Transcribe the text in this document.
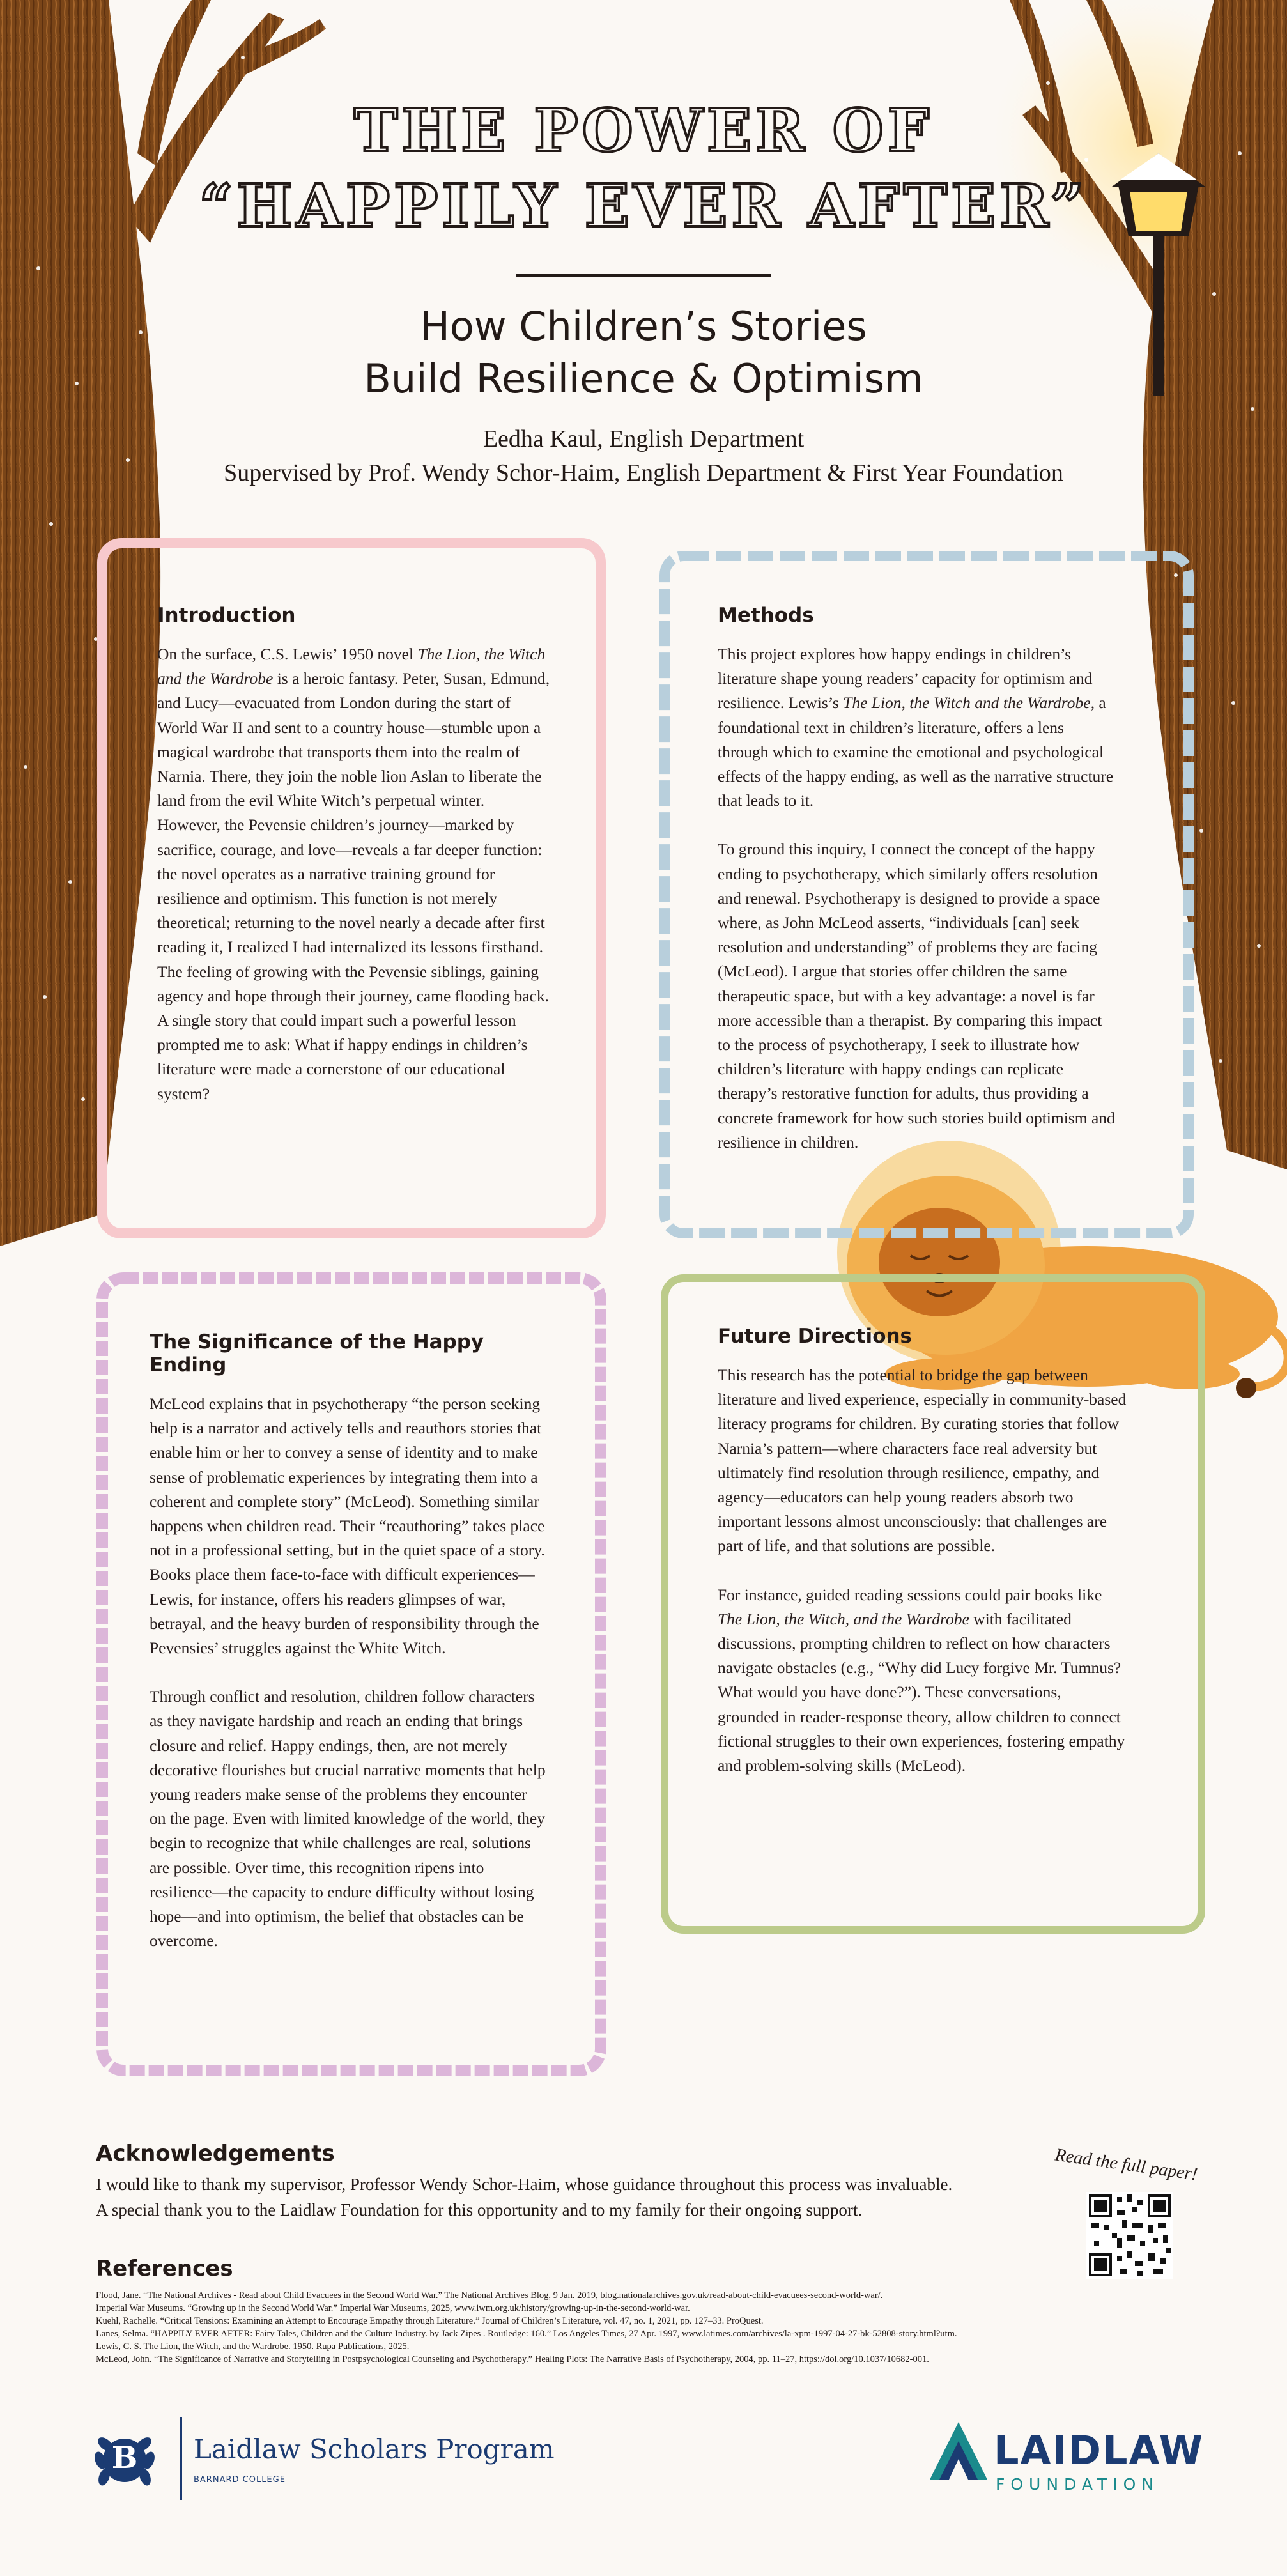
THE POWER OF
“HAPPILY EVER AFTER”
How Children’s Stories
Build Resilience & Optimism
Eedha Kaul, English Department
Supervised by Prof. Wendy Schor-Haim, English Department & First Year Foundation
Introduction

On the surface, C.S. Lewis’ 1950 novel The Lion, the Witch and the Wardrobe is a heroic fantasy. Peter, Susan, Edmund, and Lucy—evacuated from London during the start of World War II and sent to a country house—stumble upon a magical wardrobe that transports them into the realm of Narnia. There, they join the noble lion Aslan to liberate the land from the evil White Witch’s perpetual winter. However, the Pevensie children’s journey—marked by sacrifice, courage, and love—reveals a far deeper function: the novel operates as a narrative training ground for resilience and optimism. This function is not merely theoretical; returning to the novel nearly a decade after first reading it, I realized I had internalized its lessons firsthand. The feeling of growing with the Pevensie siblings, gaining agency and hope through their journey, came flooding back. A single story that could impart such a powerful lesson prompted me to ask: What if happy endings in children’s literature were made a cornerstone of our educational system?

Methods

This project explores how happy endings in children’s literature shape young readers’ capacity for optimism and resilience. Lewis’s The Lion, the Witch and the Wardrobe, a foundational text in children’s literature, offers a lens through which to examine the emotional and psychological effects of the happy ending, as well as the narrative structure that leads to it.

To ground this inquiry, I connect the concept of the happy ending to psychotherapy, which similarly offers resolution and renewal. Psychotherapy is designed to provide a space where, as John McLeod asserts, “individuals [can] seek resolution and understanding” of problems they are facing (McLeod). I argue that stories offer children the same therapeutic space, but with a key advantage: a novel is far more accessible than a therapist. By comparing this impact to the process of psychotherapy, I seek to illustrate how children’s literature with happy endings can replicate therapy’s restorative function for adults, thus providing a concrete framework for how such stories build optimism and resilience in children.

The Significance of the Happy Ending

McLeod explains that in psychotherapy “the person seeking help is a narrator and actively tells and reauthors stories that enable him or her to convey a sense of identity and to make sense of problematic experiences by integrating them into a coherent and complete story” (McLeod). Something similar happens when children read. Their “reauthoring” takes place not in a professional setting, but in the quiet space of a story. Books place them face-to-face with difficult experiences—Lewis, for instance, offers his readers glimpses of war, betrayal, and the heavy burden of responsibility through the Pevensies’ struggles against the White Witch.

Through conflict and resolution, children follow characters as they navigate hardship and reach an ending that brings closure and relief. Happy endings, then, are not merely decorative flourishes but crucial narrative moments that help young readers make sense of the problems they encounter on the page. Even with limited knowledge of the world, they begin to recognize that while challenges are real, solutions are possible. Over time, this recognition ripens into resilience—the capacity to endure difficulty without losing hope—and into optimism, the belief that obstacles can be overcome.

Future Directions

This research has the potential to bridge the gap between literature and lived experience, especially in community-based literacy programs for children. By curating stories that follow Narnia’s pattern—where characters face real adversity but ultimately find resolution through resilience, empathy, and agency—educators can help young readers absorb two important lessons almost unconsciously: that challenges are part of life, and that solutions are possible.

For instance, guided reading sessions could pair books like The Lion, the Witch, and the Wardrobe with facilitated discussions, prompting children to reflect on how characters navigate obstacles (e.g., “Why did Lucy forgive Mr. Tumnus? What would you have done?”). These conversations, grounded in reader-response theory, allow children to connect fictional struggles to their own experiences, fostering empathy and problem-solving skills (McLeod).

Acknowledgements
I would like to thank my supervisor, Professor Wendy Schor-Haim, whose guidance throughout this process was invaluable.
A special thank you to the Laidlaw Foundation for this opportunity and to my family for their ongoing support.
Read the full paper!
References
Flood, Jane. “The National Archives - Read about Child Evacuees in the Second World War.” The National Archives Blog, 9 Jan. 2019, blog.nationalarchives.gov.uk/read-about-child-evacuees-second-world-war/.
Imperial War Museums. “Growing up in the Second World War.” Imperial War Museums, 2025, www.iwm.org.uk/history/growing-up-in-the-second-world-war.
Kuehl, Rachelle. “Critical Tensions: Examining an Attempt to Encourage Empathy through Literature.” Journal of Children’s Literature, vol. 47, no. 1, 2021, pp. 127–33. ProQuest.
Lanes, Selma. “HAPPILY EVER AFTER: Fairy Tales, Children and the Culture Industry. by Jack Zipes . Routledge: 160.” Los Angeles Times, 27 Apr. 1997, www.latimes.com/archives/la-xpm-1997-04-27-bk-52808-story.html?utm.
Lewis, C. S. The Lion, the Witch, and the Wardrobe. 1950. Rupa Publications, 2025.
McLeod, John. “The Significance of Narrative and Storytelling in Postpsychological Counseling and Psychotherapy.” Healing Plots: The Narrative Basis of Psychotherapy, 2004, pp. 11–27, https://doi.org/10.1037/10682-001.
B	Laidlaw Scholars Program
BARNARD COLLEGE
LAIDLAW
FOUNDATION
